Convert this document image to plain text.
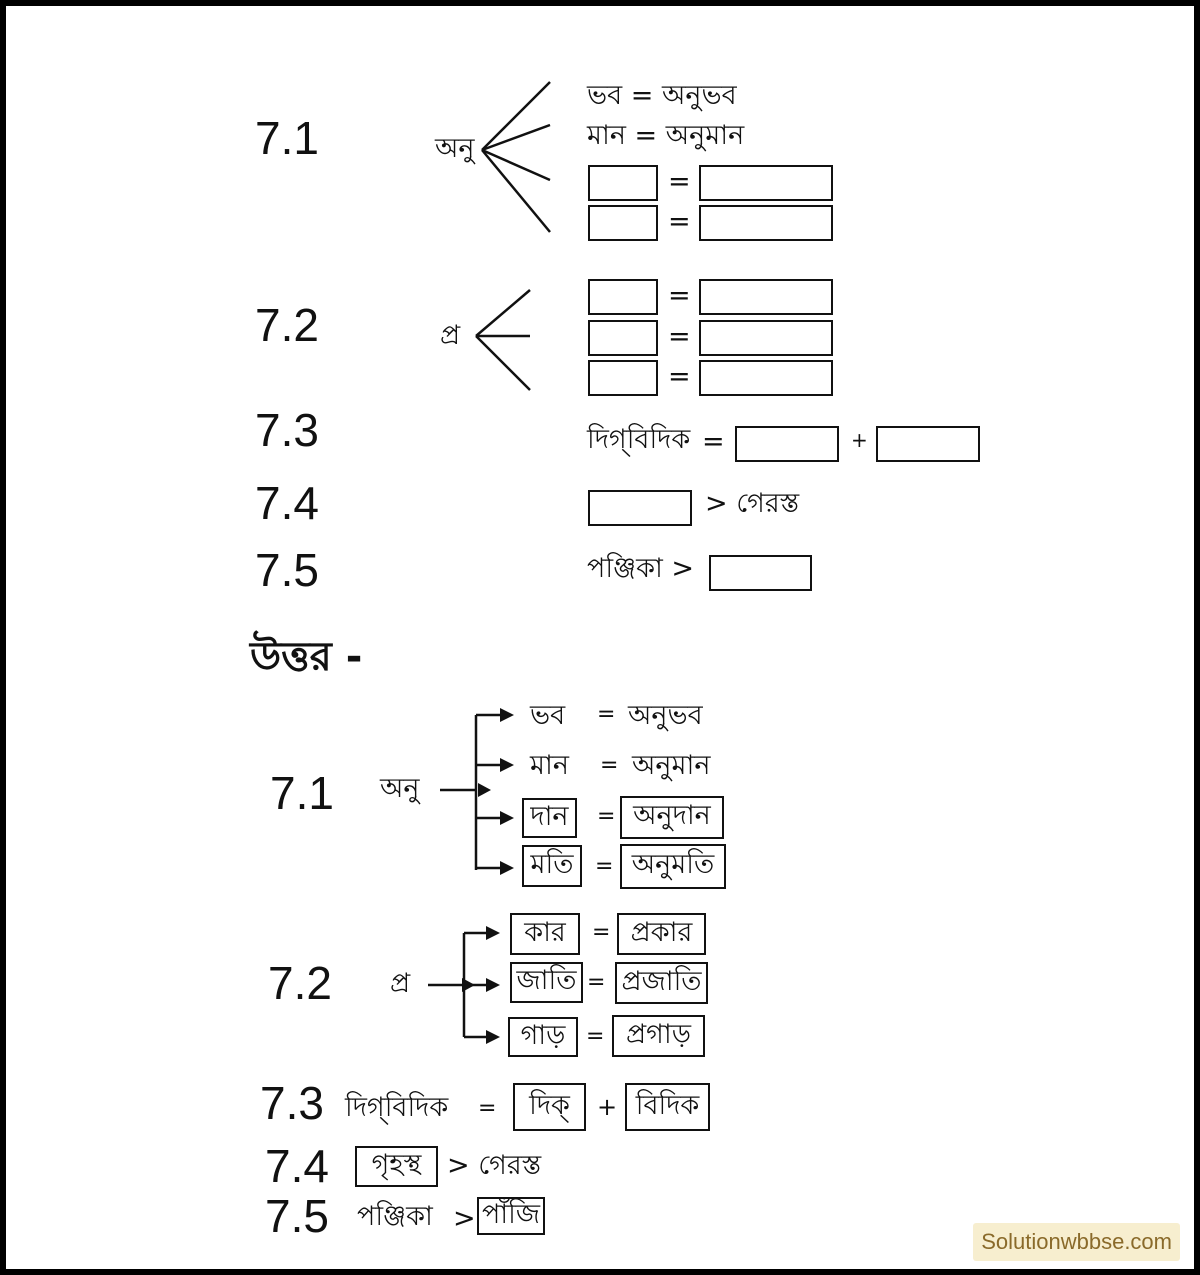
7.1	অনু
ভব = অনুভব
মান = অনুমান
=
=
7.2	প্র
=
=
=
7.3	দিগ্‌বিদিক =	+
7.4	> গেরস্ত
7.5	পঞ্জিকা >
উত্তর -
7.1 অনু
ভব = অনুভব
মান = অনুমান
দান	= অনুদান
মতি = অনুমতি
7.2 প্র
কার	= প্রকার
জাতি = প্রজাতি
গাড় = প্রগাড়
7.3 দিগ্‌বিদিক =	দিক্	+ বিদিক
7.4	গৃহস্থ > গেরস্ত
7.5 পঞ্জিকা > পাঁজি
Solutionwbbse.com
